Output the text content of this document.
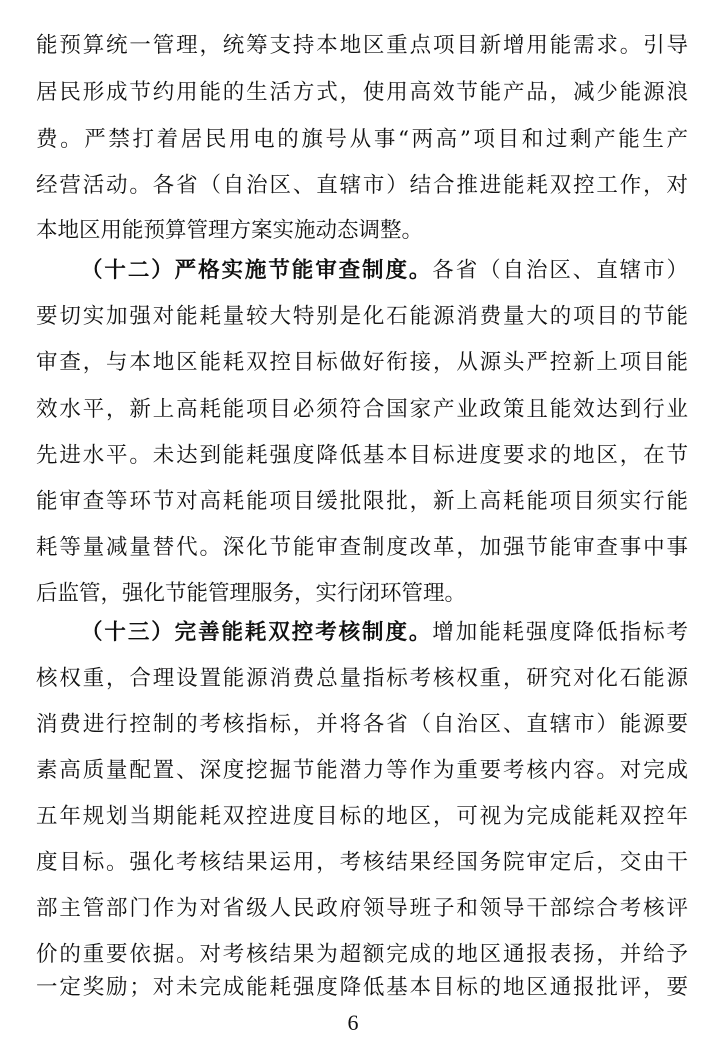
能预算统一管理，统筹支持本地区重点项目新增用能需求。引导
居民形成节约用能的生活方式，使用高效节能产品，减少能源浪
费。严禁打着居民用电的旗号从事“两高”项目和过剩产能生产
经营活动。各省（自治区、直辖市）结合推进能耗双控工作，对
本地区用能预算管理方案实施动态调整。
（十二）严格实施节能审查制度。各省（自治区、直辖市）
要切实加强对能耗量较大特别是化石能源消费量大的项目的节能
审查，与本地区能耗双控目标做好衔接，从源头严控新上项目能
效水平，新上高耗能项目必须符合国家产业政策且能效达到行业
先进水平。未达到能耗强度降低基本目标进度要求的地区，在节
能审查等环节对高耗能项目缓批限批，新上高耗能项目须实行能
耗等量减量替代。深化节能审查制度改革，加强节能审查事中事
后监管，强化节能管理服务，实行闭环管理。
（十三）完善能耗双控考核制度。增加能耗强度降低指标考
核权重，合理设置能源消费总量指标考核权重，研究对化石能源
消费进行控制的考核指标，并将各省（自治区、直辖市）能源要
素高质量配置、深度挖掘节能潜力等作为重要考核内容。对完成
五年规划当期能耗双控进度目标的地区，可视为完成能耗双控年
度目标。强化考核结果运用，考核结果经国务院审定后，交由干
部主管部门作为对省级人民政府领导班子和领导干部综合考核评
价的重要依据。对考核结果为超额完成的地区通报表扬，并给予
一定奖励；对未完成能耗强度降低基本目标的地区通报批评，要
6
